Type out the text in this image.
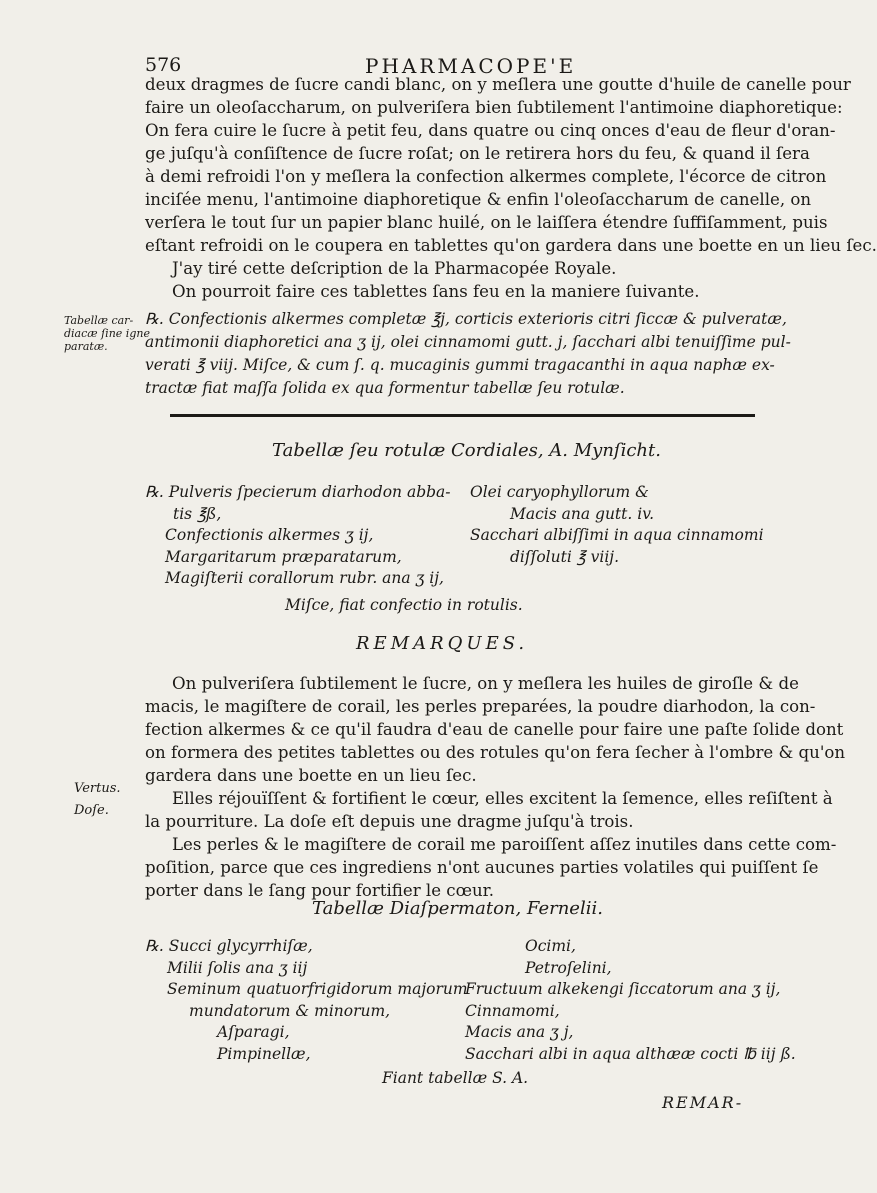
576	PHARMACOPE'E
deux dragmes de ſucre candi blanc, on y meſlera une goutte d'huile de canelle pour
faire un oleoſaccharum, on pulveriſera bien ſubtilement l'antimoine diaphoretique:
On fera cuire le ſucre à petit feu, dans quatre ou cinq onces d'eau de fleur d'oran-
ge juſqu'à conſiſtence de ſucre roſat; on le retirera hors du feu, & quand il ſera
à demi refroidi l'on y meſlera la confection alkermes complete, l'écorce de citron
inciſée menu, l'antimoine diaphoretique & enfin l'oleoſaccharum de canelle, on
verſera le tout ſur un papier blanc huilé, on le laiſſera étendre ſuffiſamment, puis
eſtant refroidi on le coupera en tablettes qu'on gardera dans une boette en un lieu ſec.
J'ay tiré cette deſcription de la Pharmacopée Royale.
On pourroit faire ces tablettes ſans feu en la maniere ſuivante.
Tabellæ car-
diacæ ſine igne
paratæ.
℞. Confectionis alkermes completæ ℥j, corticis exterioris citri ſiccæ & pulveratæ,
antimonii diaphoretici ana ʒ ij, olei cinnamomi gutt. j, ſacchari albi tenuiſſime pul-
verati ℥ viij. Miſce, & cum ſ. q. mucaginis gummi tragacanthi in aqua naphæ ex-
tractæ fiat maſſa ſolida ex qua formentur tabellæ ſeu rotulæ.
Tabellæ ſeu rotulæ Cordiales, A. Mynſicht.
℞. Pulveris ſpecierum diarhodon abba-
tis ℥ß,
Confectionis alkermes ʒ ij,
Margaritarum præparatarum,
Magiſterii corallorum rubr. ana ʒ ij,
Olei caryophyllorum &
Macis ana gutt. iv.
Sacchari albiſſimi in aqua cinnamomi
diſſoluti ℥ viij.
Miſce, fiat confectio in rotulis.
REMARQUES.
On pulveriſera ſubtilement le ſucre, on y meſlera les huiles de giroſle & de
macis, le magiſtere de corail, les perles preparées, la poudre diarhodon, la con-
fection alkermes & ce qu'il faudra d'eau de canelle pour faire une paſte ſolide dont
on formera des petites tablettes ou des rotules qu'on fera ſecher à l'ombre & qu'on
gardera dans une boette en un lieu ſec.
Elles réjouïſſent & fortifient le cœur, elles excitent la ſemence, elles reſiſtent à
la pourriture. La doſe eſt depuis une dragme juſqu'à trois.
Les perles & le magiſtere de corail me paroiſſent aſſez inutiles dans cette com-
poſition, parce que ces ingrediens n'ont aucunes parties volatiles qui puiſſent ſe
porter dans le ſang pour fortifier le cœur.
Vertus.
Doſe.
Tabellæ Diaſpermaton, Fernelii.
℞. Succi glycyrrhiſæ,
Milii ſolis ana ʒ iij
Seminum quatuorfrigidorum majorum
mundatorum & minorum,
Aſparagi,
Pimpinellæ,
Ocimi,
Petroſelini,
Fructuum alkekengi ſiccatorum ana ʒ ij,
Cinnamomi,
Macis ana ʒ j,
Sacchari albi in aqua althææ cocti ℔ iij ß.
Fiant tabellæ S. A.
REMAR-
